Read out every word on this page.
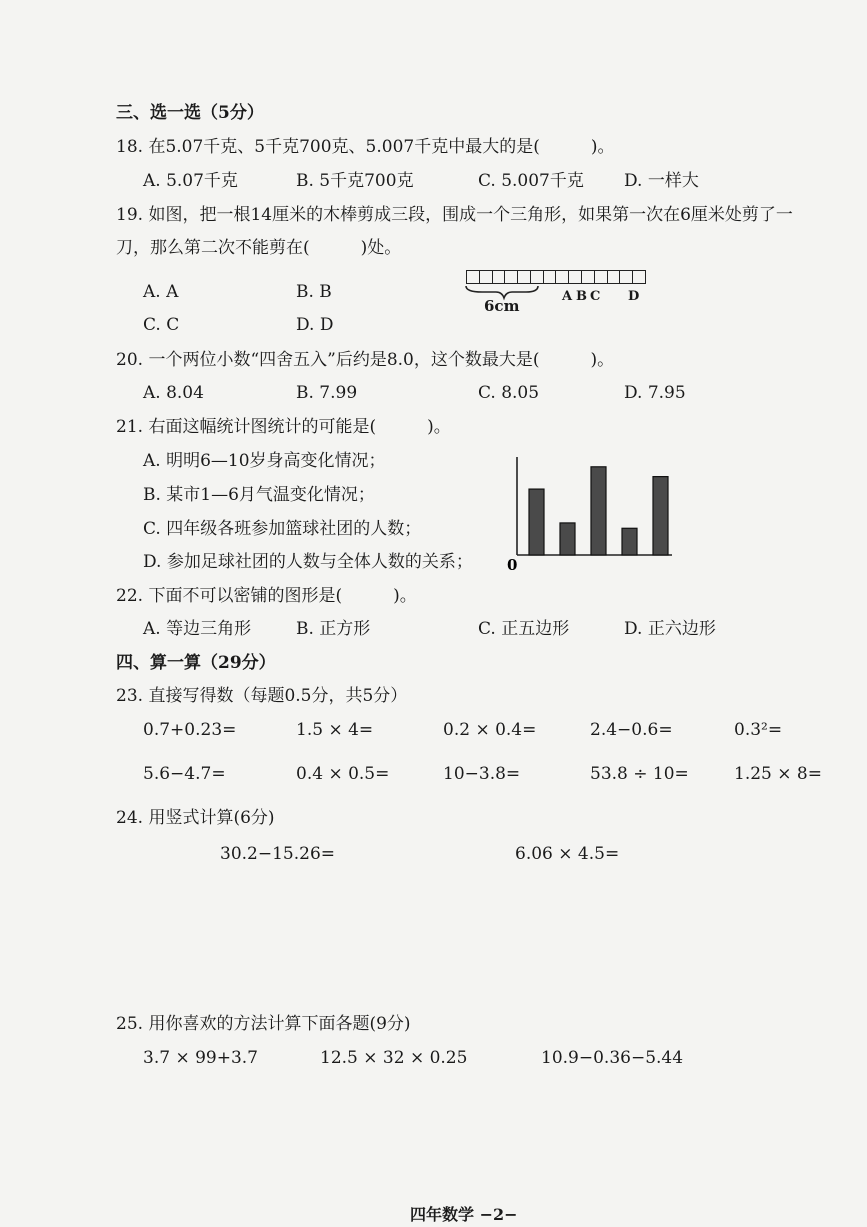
三、选一选（5分）
18. 在5.07千克、5千克700克、5.007千克中最大的是(　　　)。
A. 5.07千克	B. 5千克700克	C. 5.007千克 D. 一样大
19. 如图，把一根14厘米的木棒剪成三段，围成一个三角形，如果第一次在6厘米处剪了一
刀，那么第二次不能剪在(　　　)处。
A. A	B. B
C. C	D. D
6cm
A B C D
20. 一个两位小数“四舍五入”后约是8.0，这个数最大是(　　　)。
A. 8.04	B. 7.99	C. 8.05	D. 7.95
21. 右面这幅统计图统计的可能是(　　　)。
A. 明明6—10岁身高变化情况；
B. 某市1—6月气温变化情况；
C. 四年级各班参加篮球社团的人数；
D. 参加足球社团的人数与全体人数的关系； 0
22. 下面不可以密铺的图形是(　　　)。
A. 等边三角形	B. 正方形	C. 正五边形	D. 正六边形
四、算一算（29分）
23. 直接写得数（每题0.5分，共5分）
0.7+0.23=	1.5 × 4=	0.2 × 0.4=	2.4−0.6=	0.3²=
5.6−4.7=	0.4 × 0.5=	10−3.8=	53.8 ÷ 10=	1.25 × 8=
24. 用竖式计算(6分)
30.2−15.26=	6.06 × 4.5=
25. 用你喜欢的方法计算下面各题(9分)
3.7 × 99+3.7	12.5 × 32 × 0.25	10.9−0.36−5.44
四年数学 −2−
